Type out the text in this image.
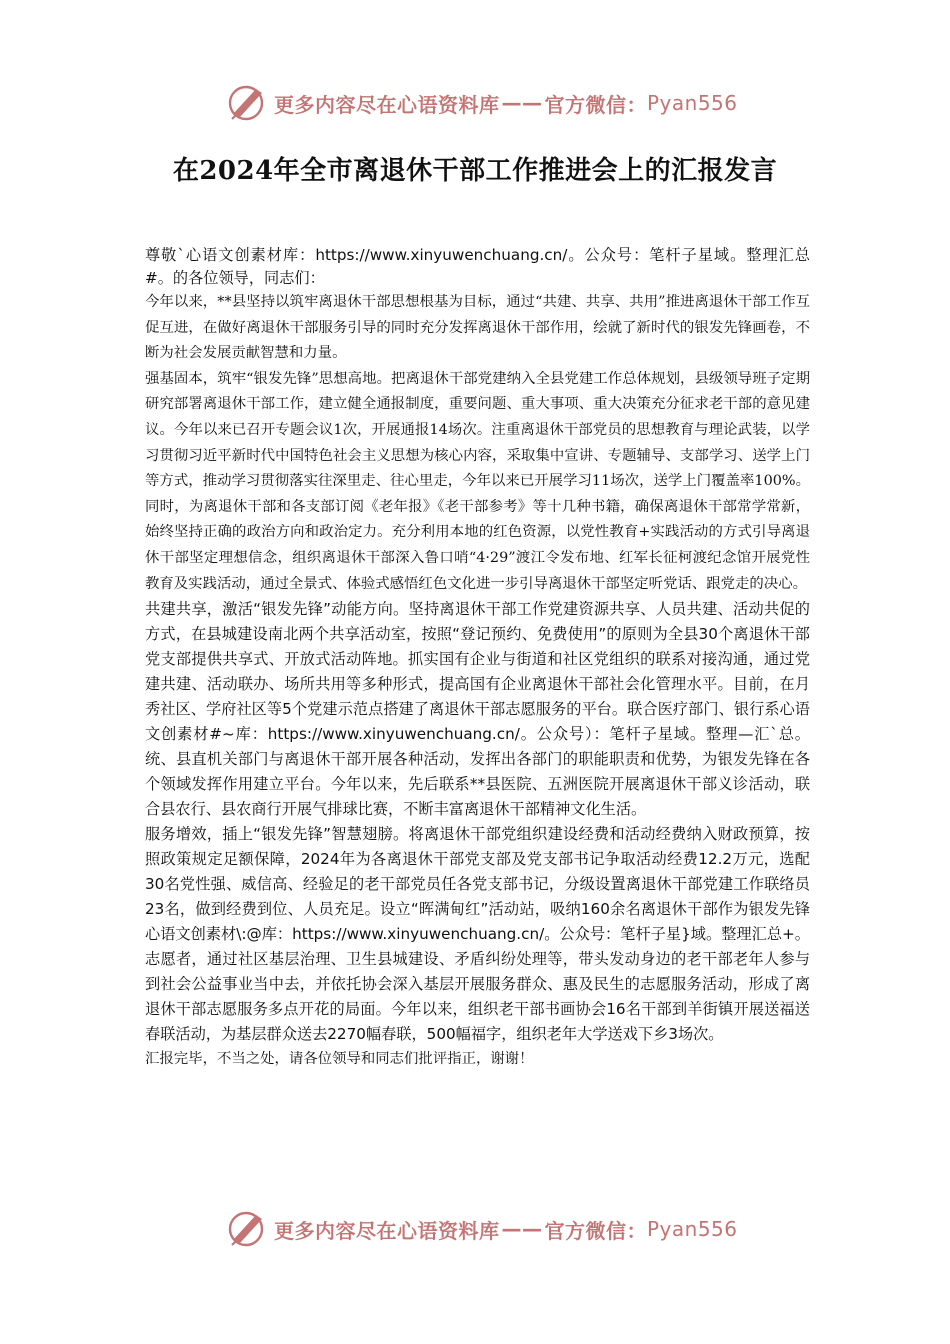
更多内容尽在心语资料库 —— 官方微信： Pyan556
在2024年全市离退休干部工作推进会上的汇报发言

尊敬`心语文创素材库：https://www.xinyuwenchuang.cn/。公众号：笔杆子星域。整理汇总#。的各位领导，同志们：

今年以来，**县坚持以筑牢离退休干部思想根基为目标，通过“共建、共享、共用”推进离退休干部工作互促互进，在做好离退休干部服务引导的同时充分发挥离退休干部作用，绘就了新时代的银发先锋画卷，不断为社会发展贡献智慧和力量。

强基固本，筑牢“银发先锋”思想高地。把离退休干部党建纳入全县党建工作总体规划，县级领导班子定期研究部署离退休干部工作，建立健全通报制度，重要问题、重大事项、重大决策充分征求老干部的意见建议。今年以来已召开专题会议1次，开展通报14场次。注重离退休干部党员的思想教育与理论武装，以学习贯彻习近平新时代中国特色社会主义思想为核心内容，采取集中宣讲、专题辅导、支部学习、送学上门等方式，推动学习贯彻落实往深里走、往心里走，今年以来已开展学习11场次，送学上门覆盖率100%。同时，为离退休干部和各支部订阅《老年报》《老干部参考》等十几种书籍，确保离退休干部常学常新，始终坚持正确的政治方向和政治定力。充分利用本地的红色资源，以党性教育+实践活动的方式引导离退休干部坚定理想信念，组织离退休干部深入鲁口哨“4·29”渡江令发布地、红军长征柯渡纪念馆开展党性教育及实践活动，通过全景式、体验式感悟红色文化进一步引导离退休干部坚定听党话、跟党走的决心。

共建共享，激活“银发先锋”动能方向。坚持离退休干部工作党建资源共享、人员共建、活动共促的方式，在县城建设南北两个共享活动室，按照“登记预约、免费使用”的原则为全县30个离退休干部党支部提供共享式、开放式活动阵地。抓实国有企业与街道和社区党组织的联系对接沟通，通过党建共建、活动联办、场所共用等多种形式，提高国有企业离退休干部社会化管理水平。目前，在月秀社区、学府社区等5个党建示范点搭建了离退休干部志愿服务的平台。联合医疗部门、银行系心语文创素材#~库：https://www.xinyuwenchuang.cn/。公众号）：笔杆子星域。整理—汇`总。统、县直机关部门与离退休干部开展各种活动，发挥出各部门的职能职责和优势，为银发先锋在各个领域发挥作用建立平台。今年以来，先后联系**县医院、五洲医院开展离退休干部义诊活动，联合县农行、县农商行开展气排球比赛，不断丰富离退休干部精神文化生活。

服务增效，插上“银发先锋”智慧翅膀。将离退休干部党组织建设经费和活动经费纳入财政预算，按照政策规定足额保障，2024年为各离退休干部党支部及党支部书记争取活动经费12.2万元，选配30名党性强、威信高、经验足的老干部党员任各党支部书记，分级设置离退休干部党建工作联络员23名，做到经费到位、人员充足。设立“晖满甸红”活动站，吸纳160余名离退休干部作为银发先锋心语文创素材\:@库：https://www.xinyuwenchuang.cn/。公众号：笔杆子星}域。整理汇总+。志愿者，通过社区基层治理、卫生县城建设、矛盾纠纷处理等，带头发动身边的老干部老年人参与到社会公益事业当中去，并依托协会深入基层开展服务群众、惠及民生的志愿服务活动，形成了离退休干部志愿服务多点开花的局面。今年以来，组织老干部书画协会16名干部到羊街镇开展送福送春联活动，为基层群众送去2270幅春联，500幅福字，组织老年大学送戏下乡3场次。

汇报完毕，不当之处，请各位领导和同志们批评指正，谢谢！

更多内容尽在心语资料库 —— 官方微信： Pyan556
